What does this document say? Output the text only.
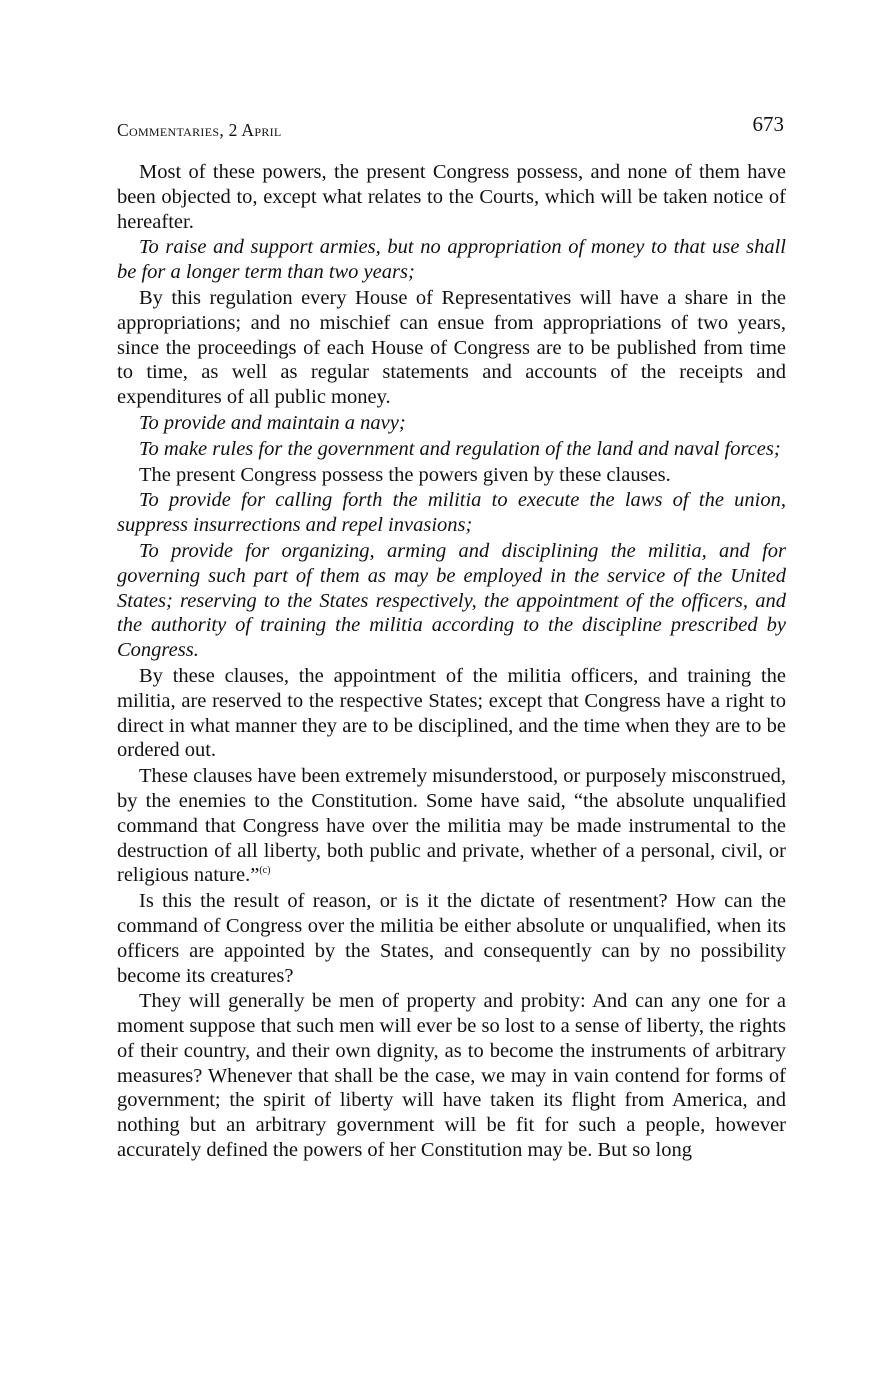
Commentaries, 2 April	673

Most of these powers, the present Congress possess, and none of them have been objected to, except what relates to the Courts, which will be taken notice of hereafter.

To raise and support armies, but no appropriation of money to that use shall be for a longer term than two years;

By this regulation every House of Representatives will have a share in the appropriations; and no mischief can ensue from appropriations of two years, since the proceedings of each House of Congress are to be published from time to time, as well as regular statements and accounts of the receipts and expenditures of all public money.

To provide and maintain a navy;

To make rules for the government and regulation of the land and naval forces;

The present Congress possess the powers given by these clauses.

To provide for calling forth the militia to execute the laws of the union, suppress insurrections and repel invasions;

To provide for organizing, arming and disciplining the militia, and for governing such part of them as may be employed in the service of the United States; reserving to the States respectively, the appointment of the officers, and the authority of training the militia according to the discipline prescribed by Congress.

By these clauses, the appointment of the militia officers, and training the militia, are reserved to the respective States; except that Congress have a right to direct in what manner they are to be disciplined, and the time when they are to be ordered out.

These clauses have been extremely misunderstood, or purposely misconstrued, by the enemies to the Constitution. Some have said, “the absolute unqualified command that Congress have over the militia may be made instrumental to the destruction of all liberty, both public and private, whether of a personal, civil, or religious nature.”$^{(c)}$

Is this the result of reason, or is it the dictate of resentment? How can the command of Congress over the militia be either absolute or unqualified, when its officers are appointed by the States, and consequently can by no possibility become its creatures?

They will generally be men of property and probity: And can any one for a moment suppose that such men will ever be so lost to a sense of liberty, the rights of their country, and their own dignity, as to become the instruments of arbitrary measures? Whenever that shall be the case, we may in vain contend for forms of government; the spirit of liberty will have taken its flight from America, and nothing but an arbitrary government will be fit for such a people, however accurately defined the powers of her Constitution may be. But so long
